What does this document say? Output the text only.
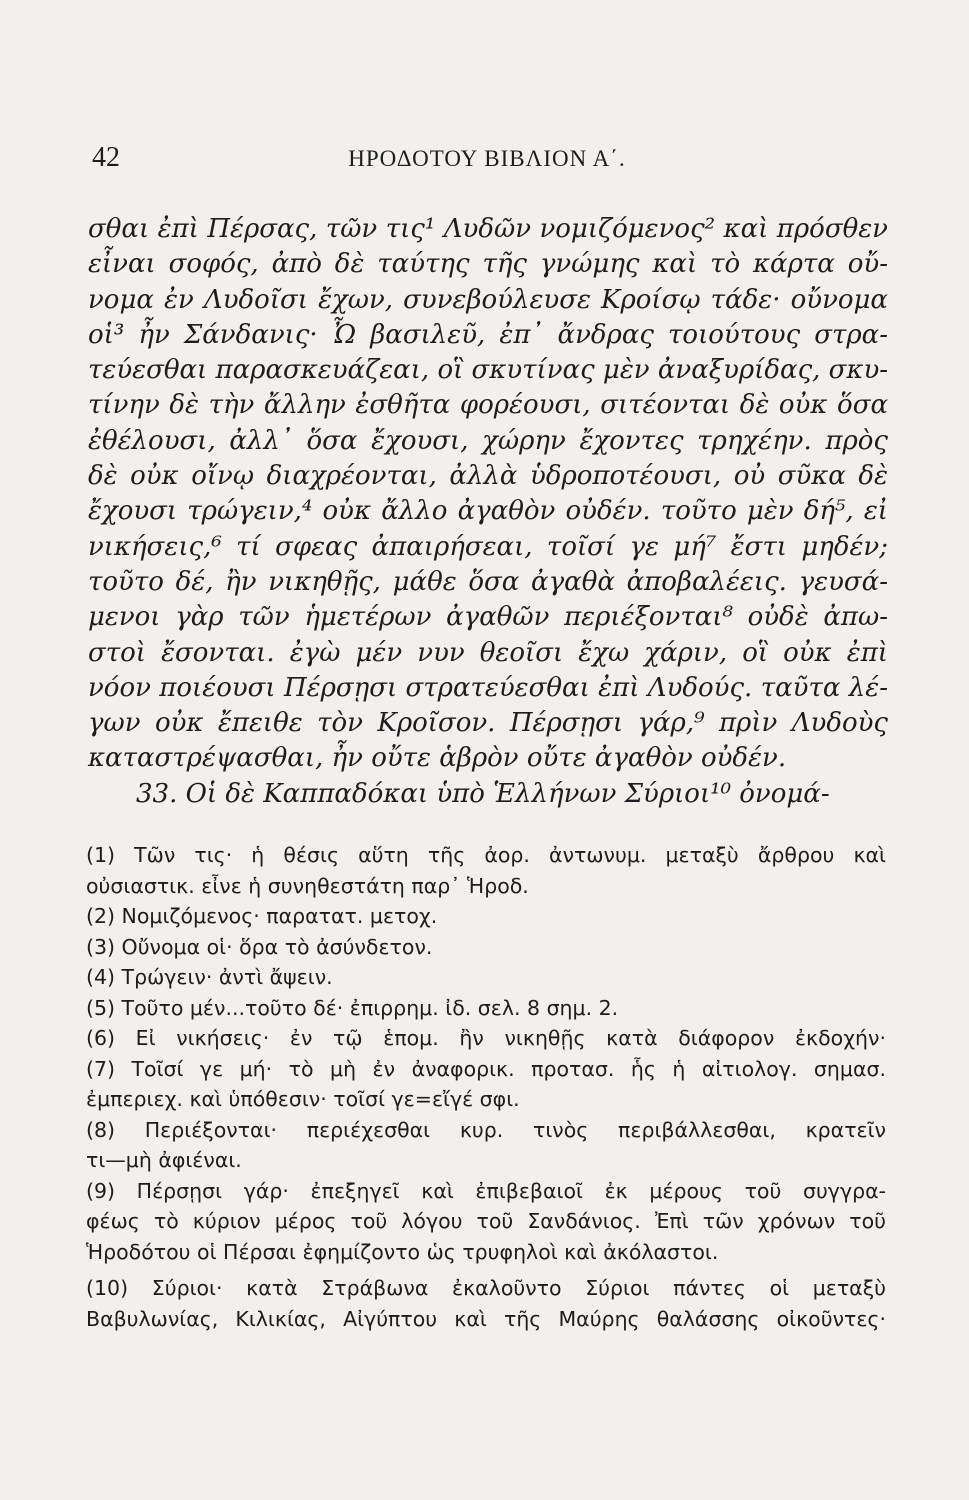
42	ΗΡΟΔΟΤΟΥ ΒΙΒΛΙΟΝ Α΄.
σθαι ἐπὶ Πέρσας, τῶν τις¹ Λυδῶν νομιζόμενος² καὶ πρόσθεν
εἶναι σοφός, ἀπὸ δὲ ταύτης τῆς γνώμης καὶ τὸ κάρτα οὔ-
νομα ἐν Λυδοῖσι ἔχων, συνεβούλευσε Κροίσῳ τάδε· οὔνομα
οἱ³ ἦν Σάνδανις· Ὦ βασιλεῦ, ἐπ᾽ ἄνδρας τοιούτους στρα-
τεύεσθαι παρασκευάζεαι, οἳ σκυτίνας μὲν ἀναξυρίδας, σκυ-
τίνην δὲ τὴν ἄλλην ἐσθῆτα φορέουσι, σιτέονται δὲ οὐκ ὅσα
ἐθέλουσι, ἀλλ᾽ ὅσα ἔχουσι, χώρην ἔχοντες τρηχέην. πρὸς
δὲ οὐκ οἴνῳ διαχρέονται, ἀλλὰ ὑδροποτέουσι, οὐ σῦκα δὲ
ἔχουσι τρώγειν,⁴ οὐκ ἄλλο ἀγαθὸν οὐδέν. τοῦτο μὲν δή⁵, εἰ
νικήσεις,⁶ τί σφεας ἀπαιρήσεαι, τοῖσί γε μή⁷ ἔστι μηδέν;
τοῦτο δέ, ἢν νικηθῇς, μάθε ὅσα ἀγαθὰ ἀποβαλέεις. γευσά-
μενοι γὰρ τῶν ἡμετέρων ἀγαθῶν περιέξονται⁸ οὐδὲ ἀπω-
στοὶ ἔσονται. ἐγὼ μέν νυν θεοῖσι ἔχω χάριν, οἳ οὐκ ἐπὶ
νόον ποιέουσι Πέρσῃσι στρατεύεσθαι ἐπὶ Λυδούς. ταῦτα λέ-
γων οὐκ ἔπειθε τὸν Κροῖσον. Πέρσῃσι γάρ,⁹ πρὶν Λυδοὺς
καταστρέψασθαι, ἦν οὔτε ἁβρὸν οὔτε ἀγαθὸν οὐδέν.
33. Οἱ δὲ Καππαδόκαι ὑπὸ Ἑλλήνων Σύριοι¹⁰ ὀνομά-
(1) Τῶν τις· ἡ θέσις αὕτη τῆς ἀορ. ἀντωνυμ. μεταξὺ ἄρθρου καὶ
οὐσιαστικ. εἶνε ἡ συνηθεστάτη παρ᾽ Ἡροδ.
(2) Νομιζόμενος· παρατατ. μετοχ.
(3) Οὔνομα οἱ· ὅρα τὸ ἀσύνδετον.
(4) Τρώγειν· ἀντὶ ἄψειν.
(5) Τοῦτο μέν...τοῦτο δέ· ἐπιρρημ. ἰδ. σελ. 8 σημ. 2.
(6) Εἰ νικήσεις· ἐν τῷ ἑπομ. ἢν νικηθῇς κατὰ διάφορον ἐκδοχήν·
(7) Τοῖσί γε μή· τὸ μὴ ἐν ἀναφορικ. προτασ. ἧς ἡ αἰτιολογ. σημασ.
ἐμπεριεχ. καὶ ὑπόθεσιν· τοῖσί γε=εἴγέ σφι.
(8) Περιέξονται· περιέχεσθαι κυρ. τινὸς περιβάλλεσθαι, κρατεῖν
τι—μὴ ἀφιέναι.
(9) Πέρσῃσι γάρ· ἐπεξηγεῖ καὶ ἐπιβεβαιοῖ ἐκ μέρους τοῦ συγγρα-
φέως τὸ κύριον μέρος τοῦ λόγου τοῦ Σανδάνιος. Ἐπὶ τῶν χρόνων τοῦ
Ἡροδότου οἱ Πέρσαι ἐφημίζοντο ὡς τρυφηλοὶ καὶ ἀκόλαστοι.
(10) Σύριοι· κατὰ Στράβωνα ἐκαλοῦντο Σύριοι πάντες οἱ μεταξὺ
Βαβυλωνίας, Κιλικίας, Αἰγύπτου καὶ τῆς Μαύρης θαλάσσης οἰκοῦντες·
